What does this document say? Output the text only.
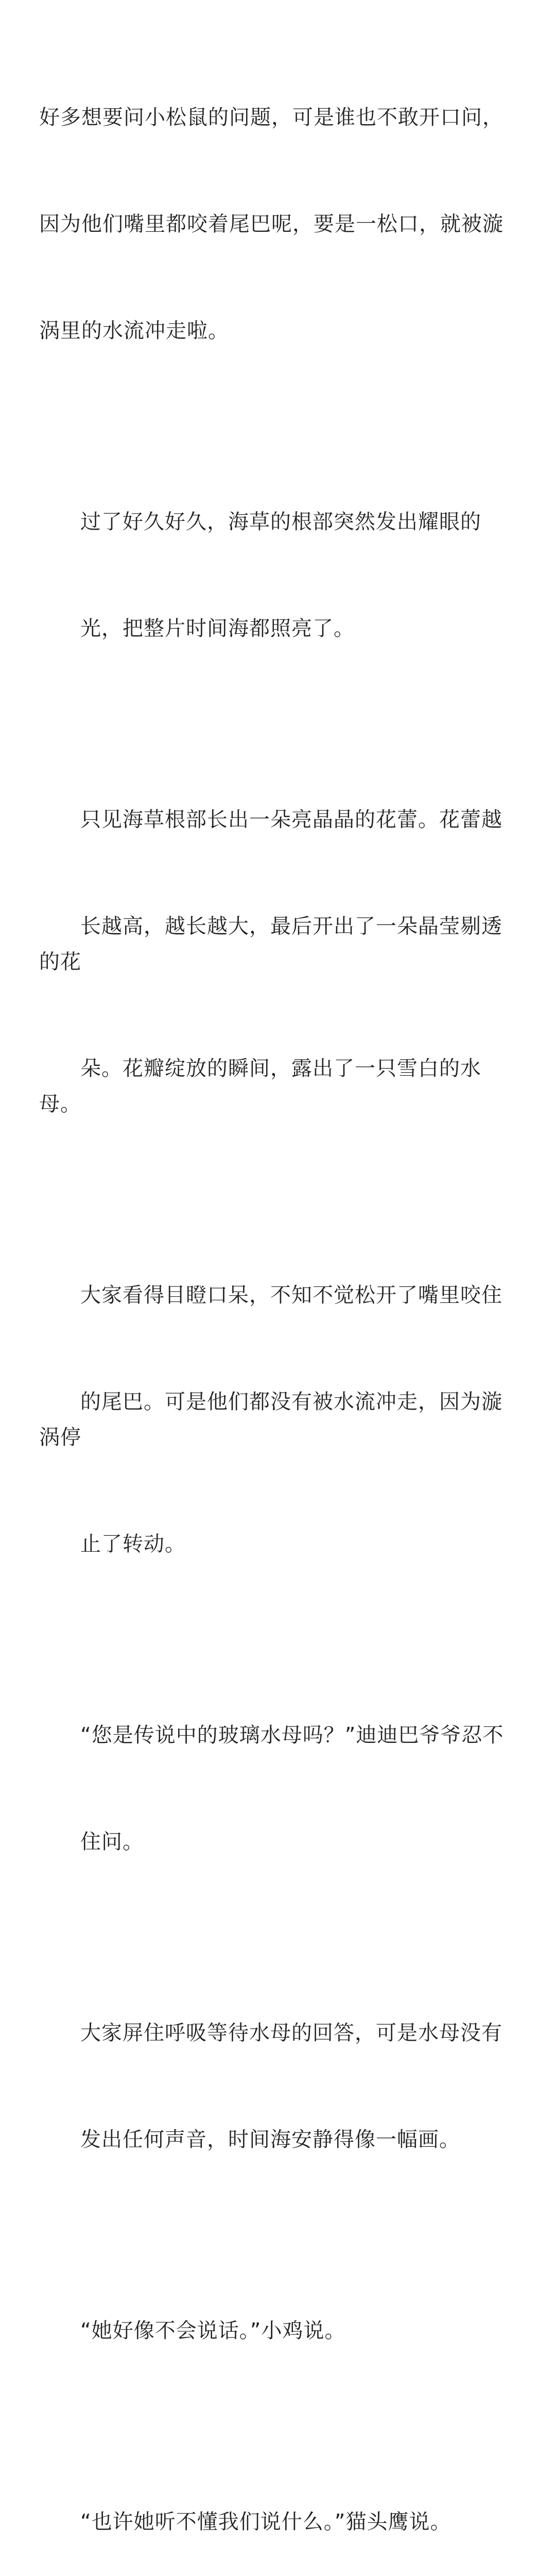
好多想要问小松鼠的问题，可是谁也不敢开口问，

因为他们嘴里都咬着尾巴呢，要是一松口，就被漩

涡里的水流冲走啦。

过了好久好久，海草的根部突然发出耀眼的

光，把整片时间海都照亮了。

只见海草根部长出一朵亮晶晶的花蕾。花蕾越

长越高，越长越大，最后开出了一朵晶莹剔透的花

朵。花瓣绽放的瞬间，露出了一只雪白的水母。

大家看得目瞪口呆，不知不觉松开了嘴里咬住

的尾巴。可是他们都没有被水流冲走，因为漩涡停

止了转动。

“您是传说中的玻璃水母吗？”迪迪巴爷爷忍不

住问。

大家屏住呼吸等待水母的回答，可是水母没有

发出任何声音，时间海安静得像一幅画。

“她好像不会说话。”小鸡说。

“也许她听不懂我们说什么。”猫头鹰说。
